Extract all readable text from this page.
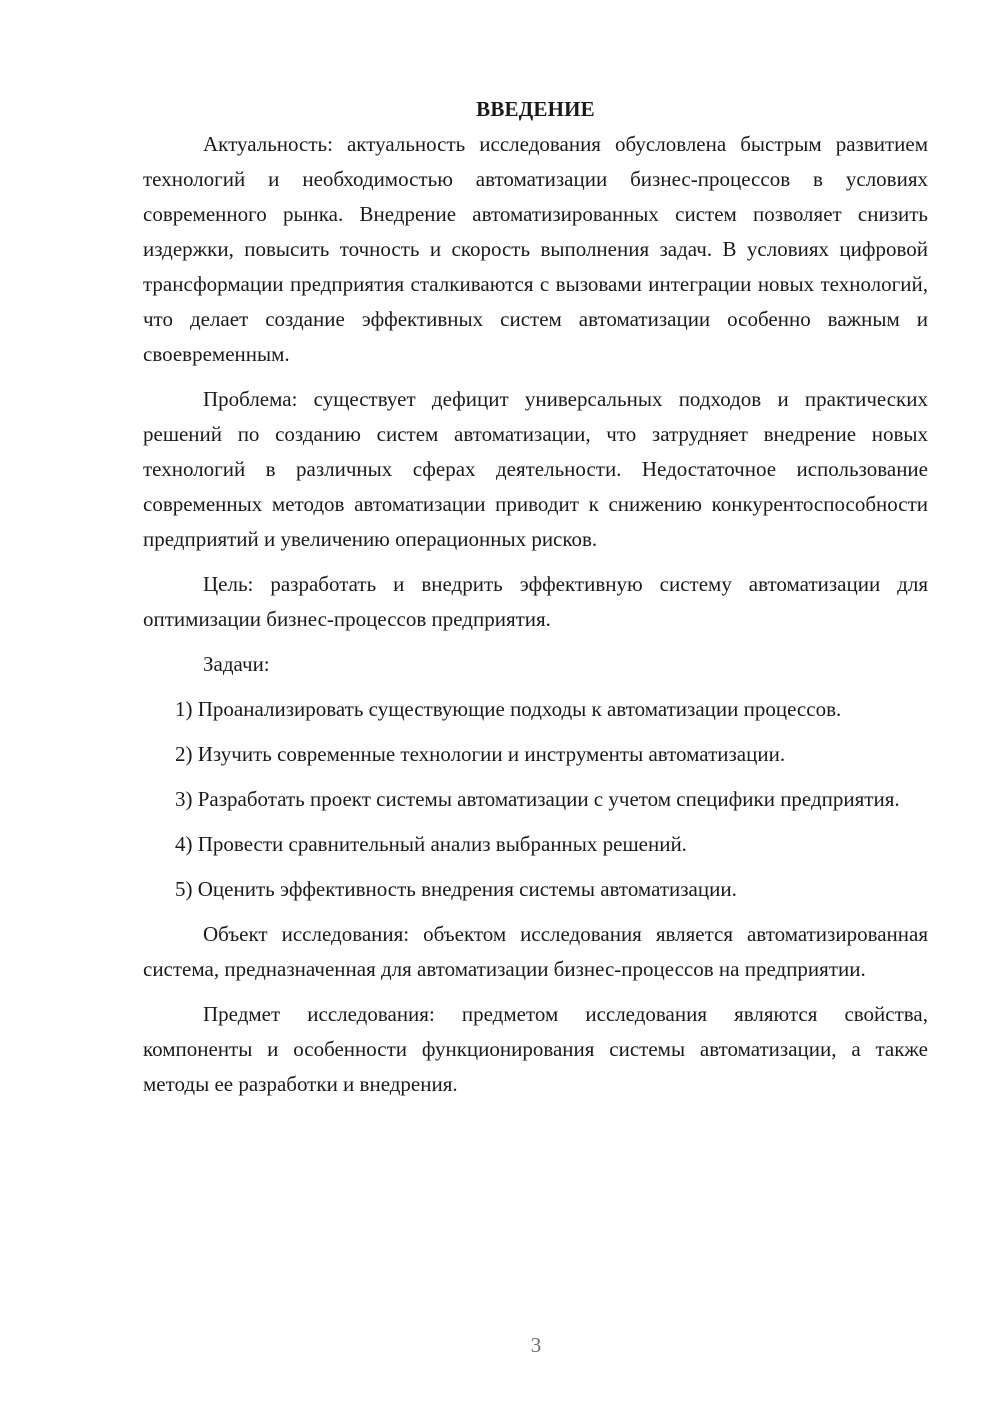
ВВЕДЕНИЕ

Актуальность: актуальность исследования обусловлена быстрым развитием технологий и необходимостью автоматизации бизнес-процессов в условиях современного рынка. Внедрение автоматизированных систем позволяет снизить издержки, повысить точность и скорость выполнения задач. В условиях цифровой трансформации предприятия сталкиваются с вызовами интеграции новых технологий, что делает создание эффективных систем автоматизации особенно важным и своевременным.

Проблема: существует дефицит универсальных подходов и практических решений по созданию систем автоматизации, что затрудняет внедрение новых технологий в различных сферах деятельности. Недостаточное использование современных методов автоматизации приводит к снижению конкурентоспособности предприятий и увеличению операционных рисков.

Цель: разработать и внедрить эффективную систему автоматизации для оптимизации бизнес-процессов предприятия.

Задачи:

1) Проанализировать существующие подходы к автоматизации процессов.

2) Изучить современные технологии и инструменты автоматизации.

3) Разработать проект системы автоматизации с учетом специфики предприятия.

4) Провести сравнительный анализ выбранных решений.

5) Оценить эффективность внедрения системы автоматизации.

Объект исследования: объектом исследования является автоматизированная система, предназначенная для автоматизации бизнес-процессов на предприятии.

Предмет исследования: предметом исследования являются свойства, компоненты и особенности функционирования системы автоматизации, а также методы ее разработки и внедрения.

3
